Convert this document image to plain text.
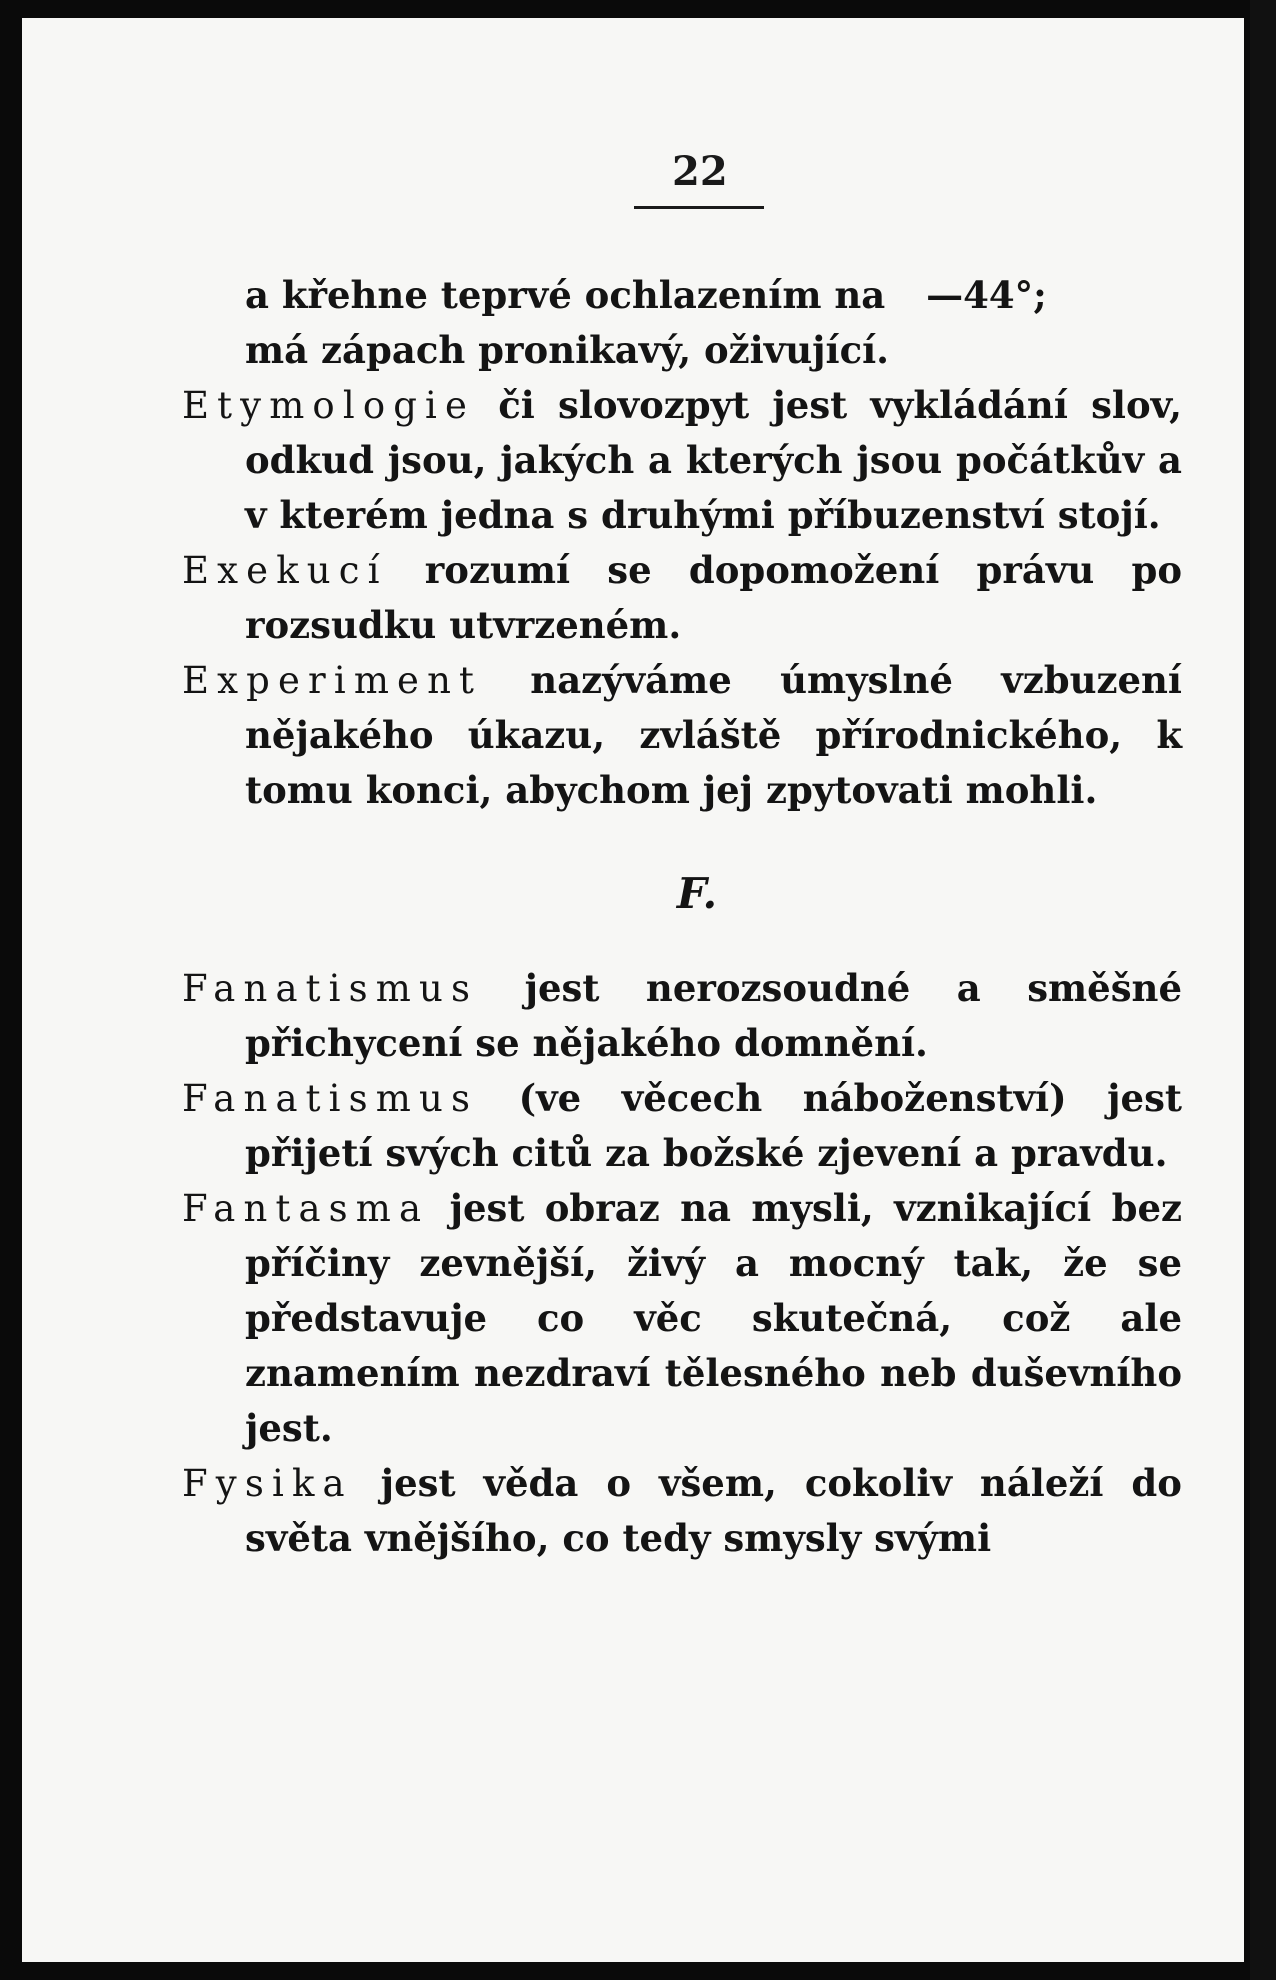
22

a křehne teprvé ochlazením na —44°;
má zápach pronikavý, oživující.

Etymologie či slovozpyt jest vykládání slov, odkud jsou, jakých a kterých jsou počátkův a v kterém jedna s druhými příbuzenství stojí.

Exekucí rozumí se dopomožení právu po rozsudku utvrzeném.

Experiment nazýváme úmyslné vzbuzení nějakého úkazu, zvláště přírodnického, k tomu konci, abychom jej zpytovati mohli.

F.

Fanatismus jest nerozsoudné a směšné přichycení se nějakého domnění.

Fanatismus (ve věcech náboženství) jest přijetí svých citů za božské zjevení a pravdu.

Fantasma jest obraz na mysli, vznikající bez příčiny zevnější, živý a mocný tak, že se představuje co věc skutečná, což ale znamením nezdraví tělesného neb duševního jest.

Fysika jest věda o všem, cokoliv náleží do světa vnějšího, co tedy smysly svými
